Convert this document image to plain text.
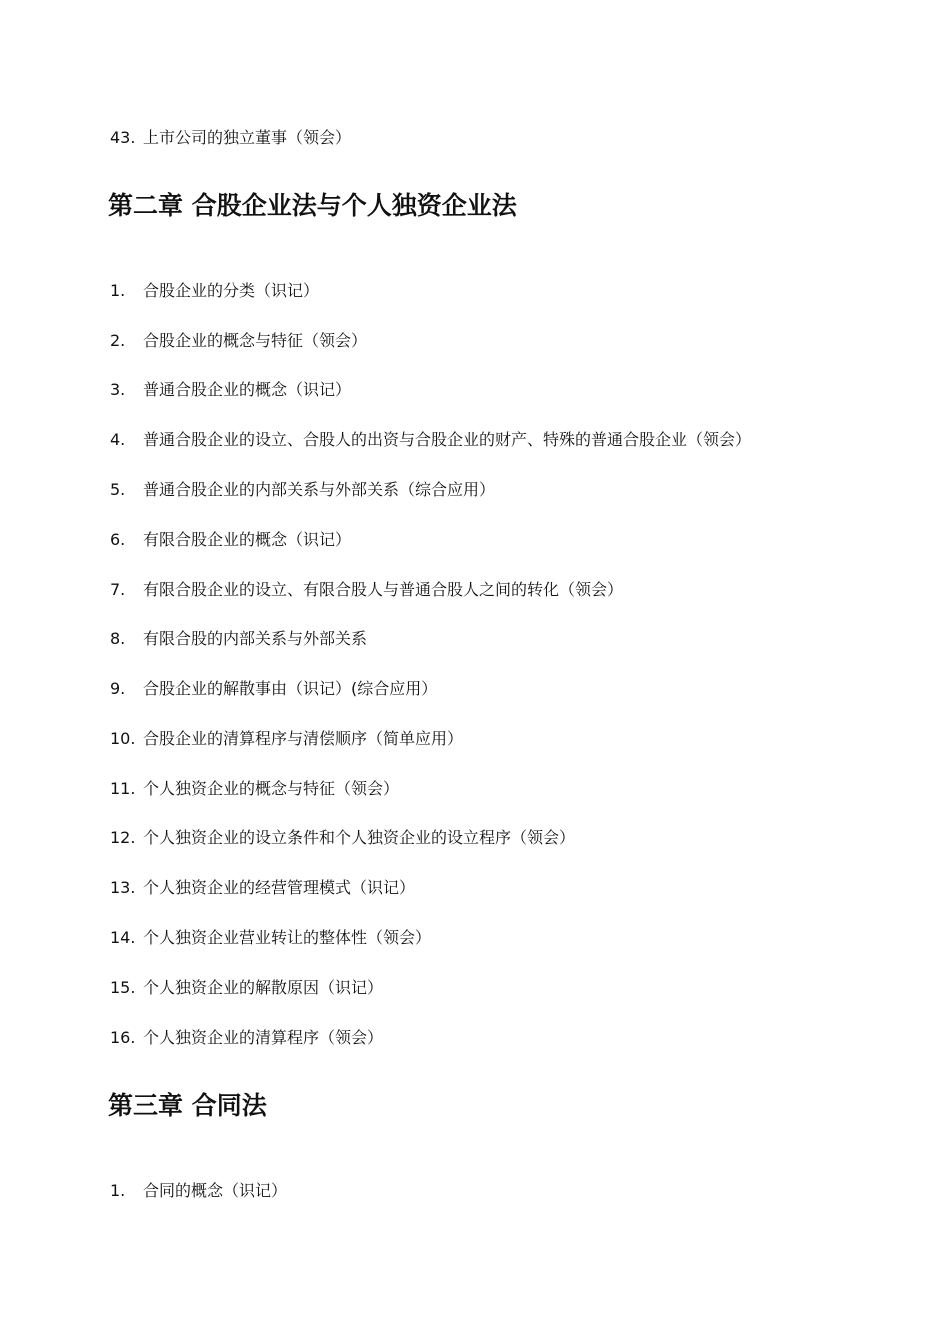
43. 上市公司的独立董事（领会）
第二章 合股企业法与个人独资企业法
1.	合股企业的分类（识记）
2.	合股企业的概念与特征（领会）
3.	普通合股企业的概念（识记）
4.	普通合股企业的设立、合股人的出资与合股企业的财产、特殊的普通合股企业（领会）
5.	普通合股企业的内部关系与外部关系（综合应用）
6.	有限合股企业的概念（识记）
7.	有限合股企业的设立、有限合股人与普通合股人之间的转化（领会）
8.	有限合股的内部关系与外部关系
9.	合股企业的解散事由（识记）(综合应用）
10. 合股企业的清算程序与清偿顺序（简单应用）
11. 个人独资企业的概念与特征（领会）
12. 个人独资企业的设立条件和个人独资企业的设立程序（领会）
13. 个人独资企业的经营管理模式（识记）
14. 个人独资企业营业转让的整体性（领会）
15. 个人独资企业的解散原因（识记）
16. 个人独资企业的清算程序（领会）
第三章 合同法
1.	合同的概念（识记）
